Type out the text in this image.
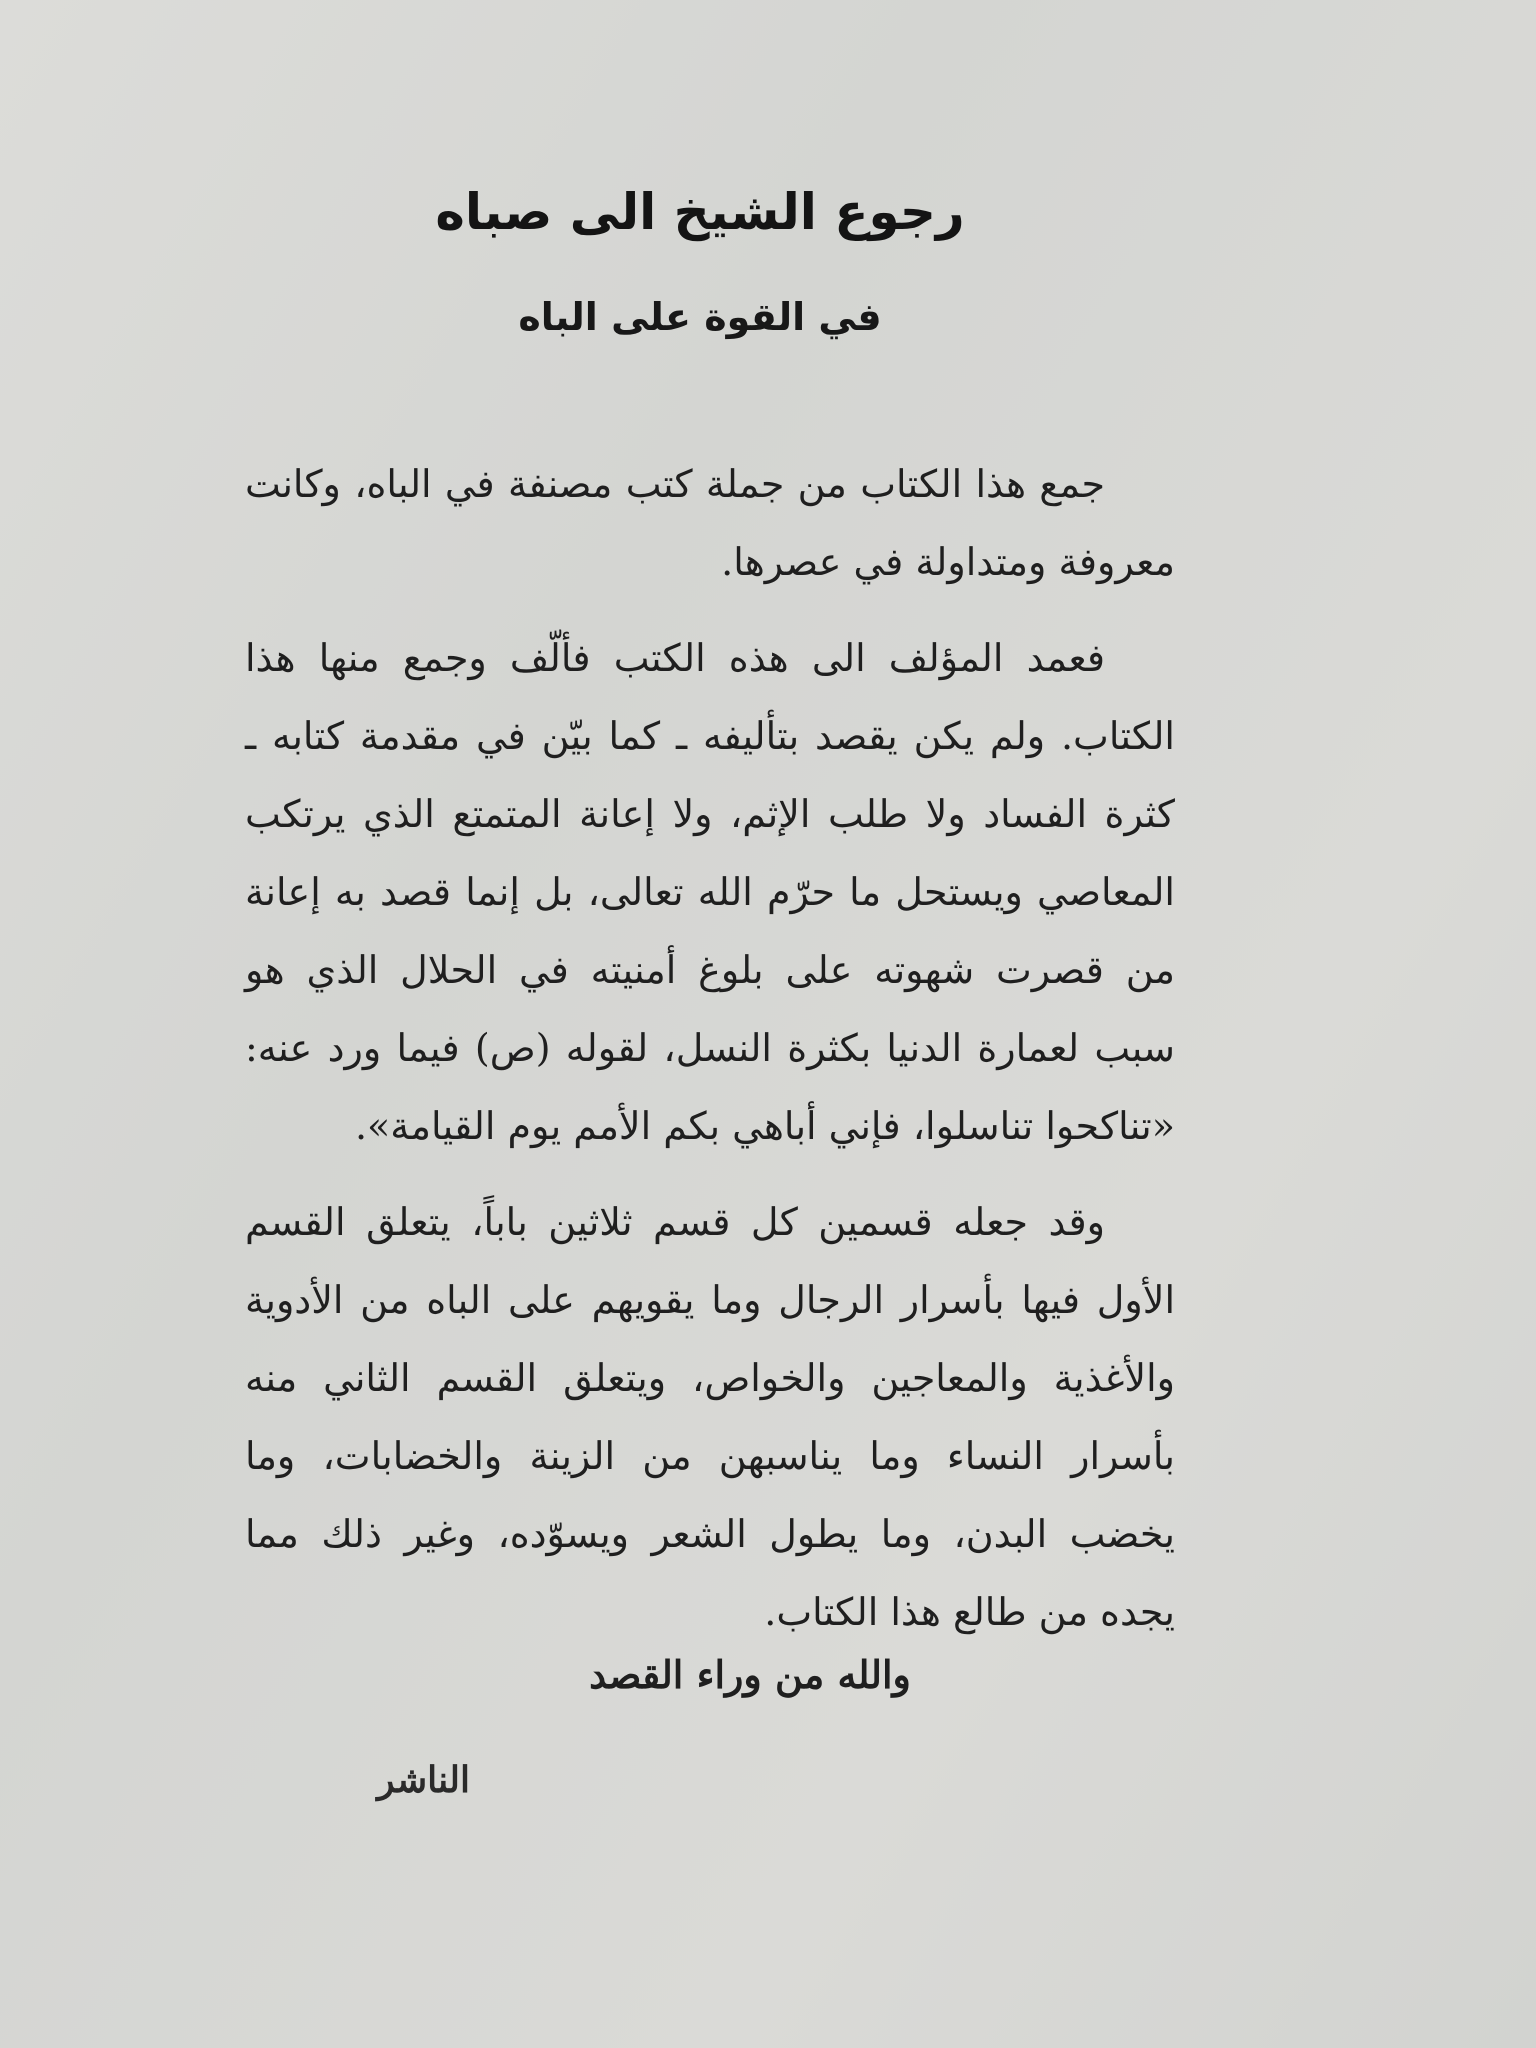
رجوع الشيخ الى صباه
في القوة على الباه

جمع هذا الكتاب من جملة كتب مصنفة في الباه، وكانت معروفة ومتداولة في عصرها.

فعمد المؤلف الى هذه الكتب فألّف وجمع منها هذا الكتاب. ولم يكن يقصد بتأليفه ـ كما بيّن في مقدمة كتابه ـ كثرة الفساد ولا طلب الإثم، ولا إعانة المتمتع الذي يرتكب المعاصي ويستحل ما حرّم الله تعالى، بل إنما قصد به إعانة من قصرت شهوته على بلوغ أمنيته في الحلال الذي هو سبب لعمارة الدنيا بكثرة النسل، لقوله (ص) فيما ورد عنه: «تناكحوا تناسلوا، فإني أباهي بكم الأمم يوم القيامة».

وقد جعله قسمين كل قسم ثلاثين باباً، يتعلق القسم الأول فيها بأسرار الرجال وما يقويهم على الباه من الأدوية والأغذية والمعاجين والخواص، ويتعلق القسم الثاني منه بأسرار النساء وما يناسبهن من الزينة والخضابات، وما يخضب البدن، وما يطول الشعر ويسوّده، وغير ذلك مما يجده من طالع هذا الكتاب.

والله من وراء القصد

الناشر
